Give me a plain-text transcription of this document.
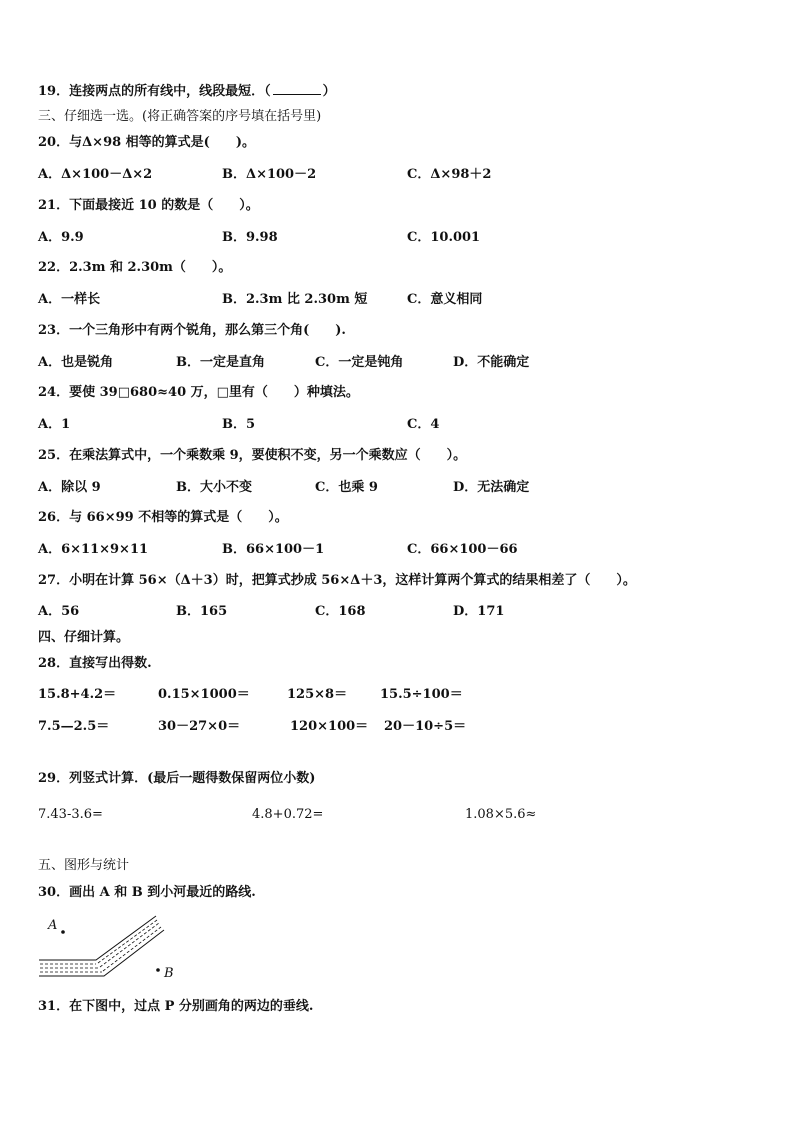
19．连接两点的所有线中，线段最短．（	）
三、仔细选一选。(将正确答案的序号填在括号里)
20．与Δ×98 相等的算式是(　　)。
A．Δ×100－Δ×2	B．Δ×100－2	C．Δ×98＋2
21．下面最接近 10 的数是（　　）。
A．9.9	B．9.98	C．10.001
22．2.3m 和 2.30m（　　）。
A．一样长	B．2.3m 比 2.30m 短	C．意义相同
23．一个三角形中有两个锐角，那么第三个角(　　).
A．也是锐角	B．一定是直角	C．一定是钝角	D．不能确定
24．要使 39□680≈40 万，□里有（　　）种填法。
A．1	B．5	C．4
25．在乘法算式中，一个乘数乘 9，要使积不变，另一个乘数应（　　）。
A．除以 9	B．大小不变	C．也乘 9	D．无法确定
26．与 66×99 不相等的算式是（　　）。
A．6×11×9×11	B．66×100－1	C．66×100－66
27．小明在计算 56×（Δ＋3）时，把算式抄成 56×Δ＋3，这样计算两个算式的结果相差了（　　）。
A．56	B．165	C．168	D．171
四、仔细计算。
28．直接写出得数.
15.8+4.2＝	0.15×1000＝	125×8＝	15.5÷100＝
7.5—2.5＝	30－27×0＝	120×100＝ 20－10÷5＝
29．列竖式计算．(最后一题得数保留两位小数)
7.43-3.6=	4.8+0.72=	1.08×5.6≈
五、图形与统计
30．画出 A 和 B 到小河最近的路线.
A
B
31．在下图中，过点 P 分别画角的两边的垂线.
